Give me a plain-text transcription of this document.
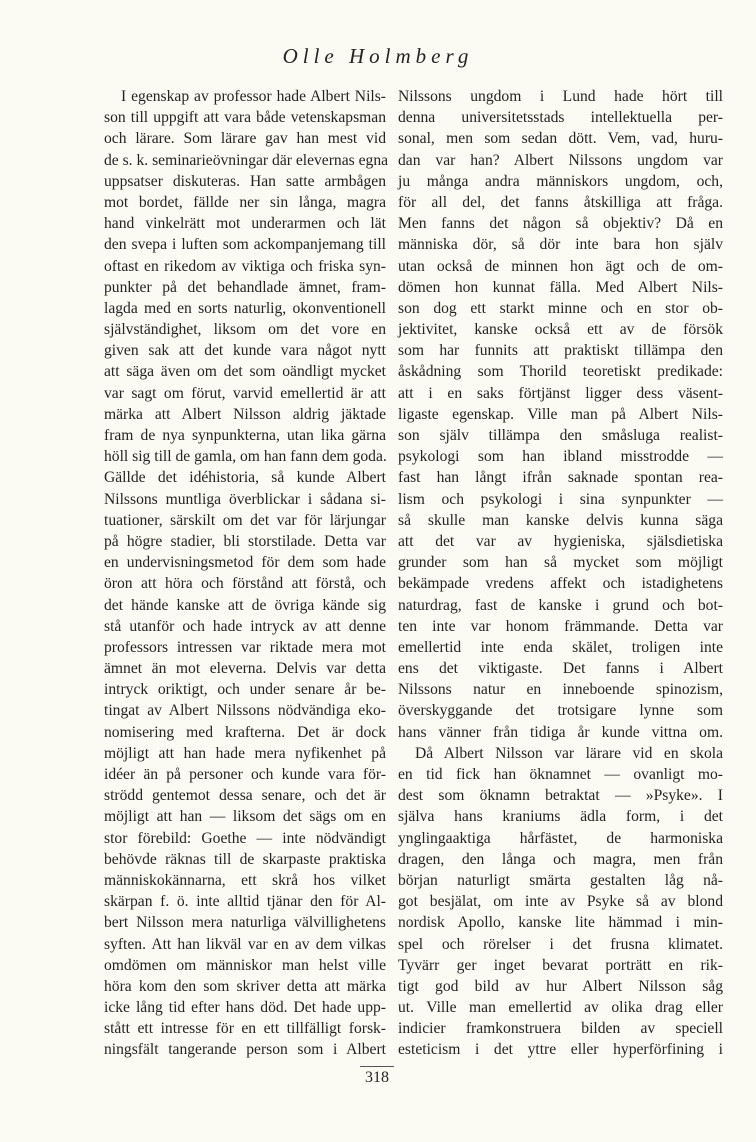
Olle Holmberg
I egenskap av professor hade Albert Nils-
son till uppgift att vara både vetenskapsman
och lärare. Som lärare gav han mest vid
de s. k. seminarieövningar där elevernas egna
uppsatser diskuteras. Han satte armbågen
mot bordet, fällde ner sin långa, magra
hand vinkelrätt mot underarmen och lät
den svepa i luften som ackompanjemang till
oftast en rikedom av viktiga och friska syn-
punkter på det behandlade ämnet, fram-
lagda med en sorts naturlig, okonventionell
självständighet, liksom om det vore en
given sak att det kunde vara något nytt
att säga även om det som oändligt mycket
var sagt om förut, varvid emellertid är att
märka att Albert Nilsson aldrig jäktade
fram de nya synpunkterna, utan lika gärna
höll sig till de gamla, om han fann dem goda.
Gällde det idéhistoria, så kunde Albert
Nilssons muntliga överblickar i sådana si-
tuationer, särskilt om det var för lärjungar
på högre stadier, bli storstilade. Detta var
en undervisningsmetod för dem som hade
öron att höra och förstånd att förstå, och
det hände kanske att de övriga kände sig
stå utanför och hade intryck av att denne
professors intressen var riktade mera mot
ämnet än mot eleverna. Delvis var detta
intryck oriktigt, och under senare år be-
tingat av Albert Nilssons nödvändiga eko-
nomisering med krafterna. Det är dock
möjligt att han hade mera nyfikenhet på
idéer än på personer och kunde vara för-
strödd gentemot dessa senare, och det är
möjligt att han — liksom det sägs om en
stor förebild: Goethe — inte nödvändigt
behövde räknas till de skarpaste praktiska
människokännarna, ett skrå hos vilket
skärpan f. ö. inte alltid tjänar den för Al-
bert Nilsson mera naturliga välvillighetens
syften. Att han likväl var en av dem vilkas
omdömen om människor man helst ville
höra kom den som skriver detta att märka
icke lång tid efter hans död. Det hade upp-
stått ett intresse för en ett tillfälligt forsk-
ningsfält tangerande person som i Albert
Nilssons ungdom i Lund hade hört till
denna universitetsstads intellektuella per-
sonal, men som sedan dött. Vem, vad, huru-
dan var han? Albert Nilssons ungdom var
ju många andra människors ungdom, och,
för all del, det fanns åtskilliga att fråga.
Men fanns det någon så objektiv? Då en
människa dör, så dör inte bara hon själv
utan också de minnen hon ägt och de om-
dömen hon kunnat fälla. Med Albert Nils-
son dog ett starkt minne och en stor ob-
jektivitet, kanske också ett av de försök
som har funnits att praktiskt tillämpa den
åskådning som Thorild teoretiskt predikade:
att i en saks förtjänst ligger dess väsent-
ligaste egenskap. Ville man på Albert Nils-
son själv tillämpa den småsluga realist-
psykologi som han ibland misstrodde —
fast han långt ifrån saknade spontan rea-
lism och psykologi i sina synpunkter —
så skulle man kanske delvis kunna säga
att det var av hygieniska, själsdietiska
grunder som han så mycket som möjligt
bekämpade vredens affekt och istadighetens
naturdrag, fast de kanske i grund och bot-
ten inte var honom främmande. Detta var
emellertid inte enda skälet, troligen inte
ens det viktigaste. Det fanns i Albert
Nilssons natur en inneboende spinozism,
överskyggande det trotsigare lynne som
hans vänner från tidiga år kunde vittna om.
Då Albert Nilsson var lärare vid en skola
en tid fick han öknamnet — ovanligt mo-
dest som öknamn betraktat — »Psyke». I
själva hans kraniums ädla form, i det
ynglingaaktiga hårfästet, de harmoniska
dragen, den långa och magra, men från
början naturligt smärta gestalten låg nå-
got besjälat, om inte av Psyke så av blond
nordisk Apollo, kanske lite hämmad i min-
spel och rörelser i det frusna klimatet.
Tyvärr ger inget bevarat porträtt en rik-
tigt god bild av hur Albert Nilsson såg
ut. Ville man emellertid av olika drag eller
indicier framkonstruera bilden av speciell
esteticism i det yttre eller hyperförfining i
318
